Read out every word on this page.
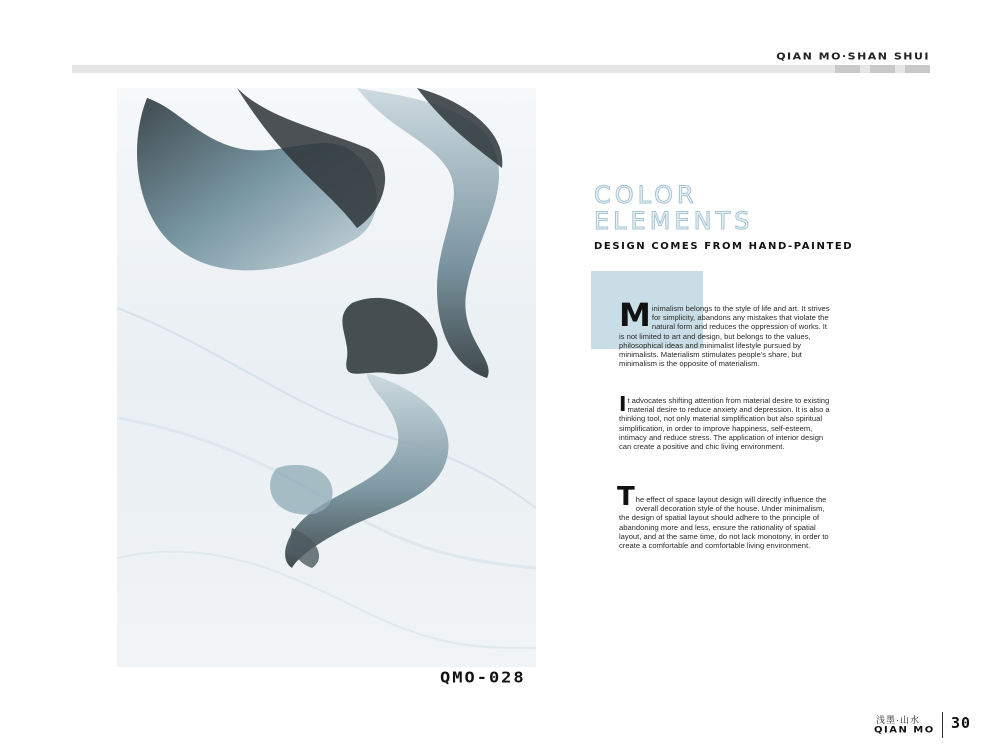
QIAN MO·SHAN SHUI
QMO-028
COLOR
ELEMENTS
DESIGN COMES FROM HAND-PAINTED
Minimalism belongs to the style of life and art. It strives for simplicity, abandons any mistakes that violate the natural form and reduces the oppression of works. It is not limited to art and design, but belongs to the values, philosophical ideas and minimalist lifestyle pursued by minimalists. Materialism stimulates people's share, but minimalism is the opposite of materialism.
It advocates shifting attention from material desire to existing material desire to reduce anxiety and depression. It is also a thinking tool, not only material simplification but also spiritual simplification, in order to improve happiness, self-esteem, intimacy and reduce stress. The application of interior design can create a positive and chic living environment.
The effect of space layout design will directly influence the overall decoration style of the house. Under minimalism, the design of spatial layout should adhere to the principle of abandoning more and less, ensure the rationality of spatial layout, and at the same time, do not lack monotony, in order to create a comfortable and comfortable living environment.
浅墨·山水
QIAN MO 30
